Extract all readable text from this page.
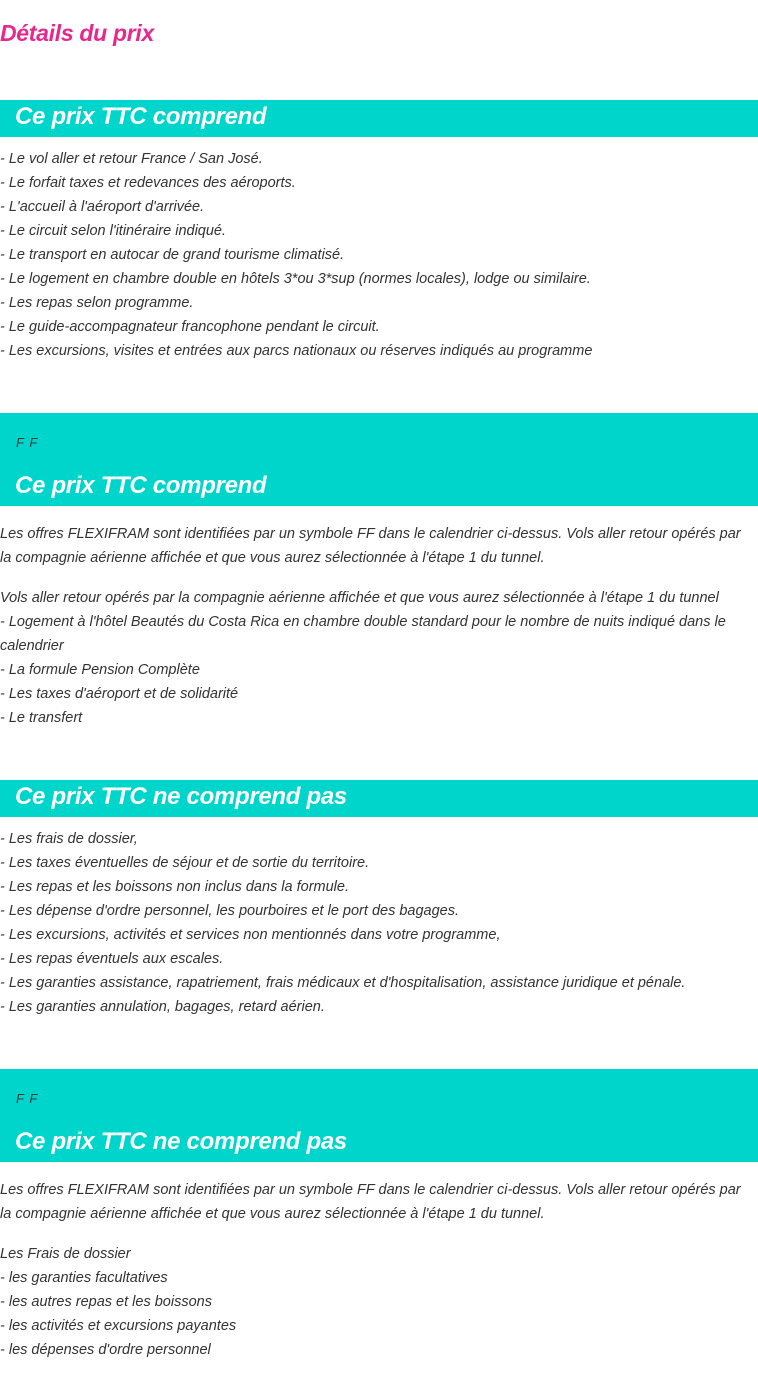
Détails du prix
Ce prix TTC comprend
- Le vol aller et retour France / San José.
- Le forfait taxes et redevances des aéroports.
- L'accueil à l'aéroport d'arrivée.
- Le circuit selon l'itinéraire indiqué.
- Le transport en autocar de grand tourisme climatisé.
- Le logement en chambre double en hôtels 3*ou 3*sup (normes locales), lodge ou similaire.
- Les repas selon programme.
- Le guide-accompagnateur francophone pendant le circuit.
- Les excursions, visites et entrées aux parcs nationaux ou réserves indiqués au programme
F F
Ce prix TTC comprend
Les offres FLEXIFRAM sont identifiées par un symbole FF dans le calendrier ci-dessus. Vols aller retour opérés par la compagnie aérienne affichée et que vous aurez sélectionnée à l'étape 1 du tunnel.
Vols aller retour opérés par la compagnie aérienne affichée et que vous aurez sélectionnée à l'étape 1 du tunnel
- Logement à l'hôtel Beautés du Costa Rica en chambre double standard pour le nombre de nuits indiqué dans le calendrier
- La formule Pension Complète
- Les taxes d'aéroport et de solidarité
- Le transfert
Ce prix TTC ne comprend pas
- Les frais de dossier,
- Les taxes éventuelles de séjour et de sortie du territoire.
- Les repas et les boissons non inclus dans la formule.
- Les dépense d'ordre personnel, les pourboires et le port des bagages.
- Les excursions, activités et services non mentionnés dans votre programme,
- Les repas éventuels aux escales.
- Les garanties assistance, rapatriement, frais médicaux et d'hospitalisation, assistance juridique et pénale.
- Les garanties annulation, bagages, retard aérien.
F F
Ce prix TTC ne comprend pas
Les offres FLEXIFRAM sont identifiées par un symbole FF dans le calendrier ci-dessus. Vols aller retour opérés par la compagnie aérienne affichée et que vous aurez sélectionnée à l'étape 1 du tunnel.
Les Frais de dossier
- les garanties facultatives
- les autres repas et les boissons
- les activités et excursions payantes
- les dépenses d'ordre personnel
